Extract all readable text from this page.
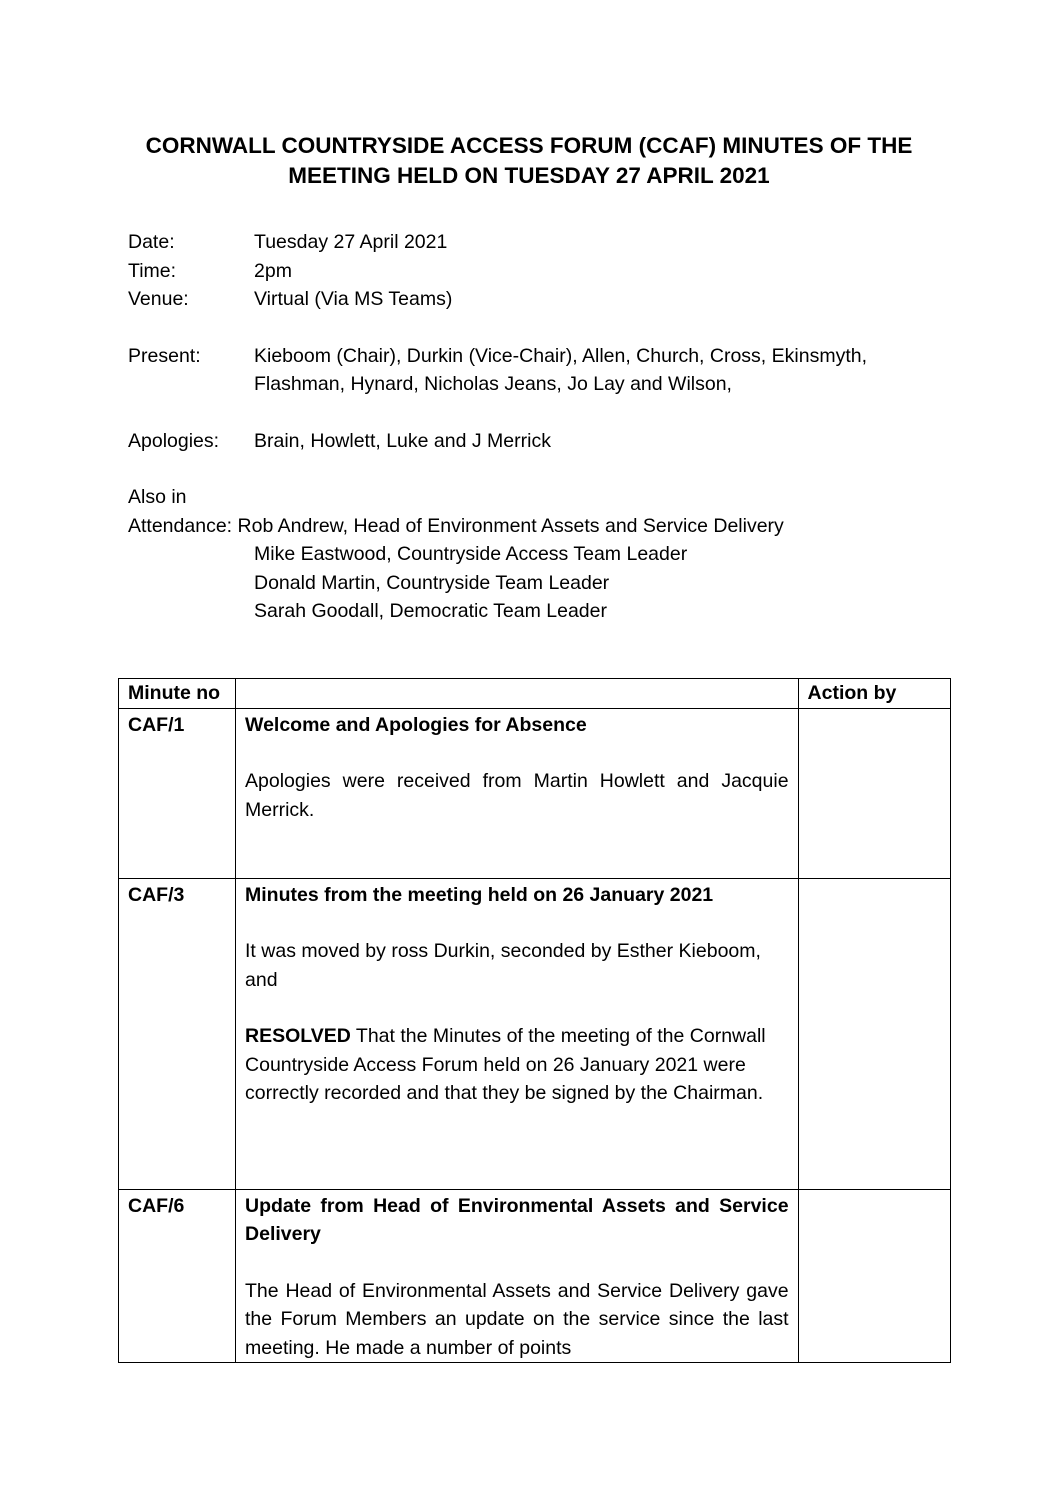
CORNWALL COUNTRYSIDE ACCESS FORUM (CCAF) MINUTES OF THE
MEETING HELD ON TUESDAY 27 APRIL 2021
Date:	Tuesday 27 April 2021
Time:	2pm
Venue:	Virtual (Via MS Teams)
Present:	Kieboom (Chair), Durkin (Vice-Chair), Allen, Church, Cross, Ekinsmyth,
Flashman, Hynard, Nicholas Jeans, Jo Lay and Wilson,
Apologies:	Brain, Howlett, Luke and J Merrick
Also in
Attendance: Rob Andrew, Head of Environment Assets and Service Delivery
Mike Eastwood, Countryside Access Team Leader
Donald Martin, Countryside Team Leader
Sarah Goodall, Democratic Team Leader
Minute no		Action by
CAF/1	Welcome and Apologies for Absence

Apologies were received from Martin Howlett and Jacquie Merrick.	

CAF/3	Minutes from the meeting held on 26 January 2021

It was moved by ross Durkin, seconded by Esther Kieboom, and

RESOLVED That the Minutes of the meeting of the Cornwall Countryside Access Forum held on 26 January 2021 were correctly recorded and that they be signed by the Chairman.	

CAF/6	Update from Head of Environmental Assets and Service Delivery

The Head of Environmental Assets and Service Delivery gave the Forum Members an update on the service since the last meeting. He made a number of points	
